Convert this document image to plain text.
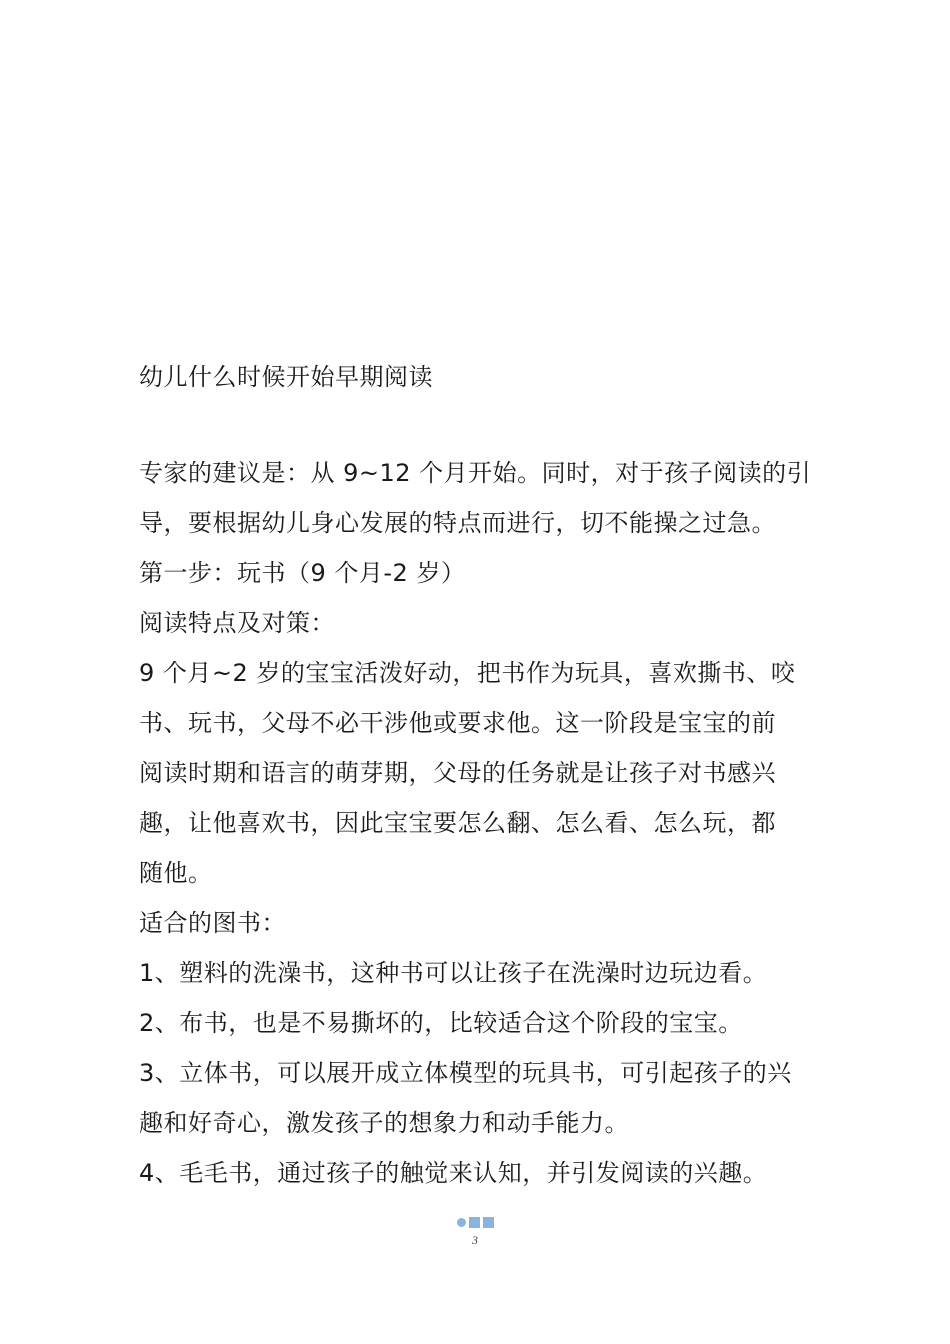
幼儿什么时候开始早期阅读

专家的建议是：从 9~12 个月开始。同时，对于孩子阅读的引

导，要根据幼儿身心发展的特点而进行，切不能操之过急。

第一步：玩书（9 个月-2 岁）

阅读特点及对策：

9 个月~2 岁的宝宝活泼好动，把书作为玩具，喜欢撕书、咬

书、玩书，父母不必干涉他或要求他。这一阶段是宝宝的前

阅读时期和语言的萌芽期，父母的任务就是让孩子对书感兴

趣，让他喜欢书，因此宝宝要怎么翻、怎么看、怎么玩，都

随他。

适合的图书：

1、塑料的洗澡书，这种书可以让孩子在洗澡时边玩边看。

2、布书，也是不易撕坏的，比较适合这个阶段的宝宝。

3、立体书，可以展开成立体模型的玩具书，可引起孩子的兴

趣和好奇心，激发孩子的想象力和动手能力。

4、毛毛书，通过孩子的触觉来认知，并引发阅读的兴趣。

3
